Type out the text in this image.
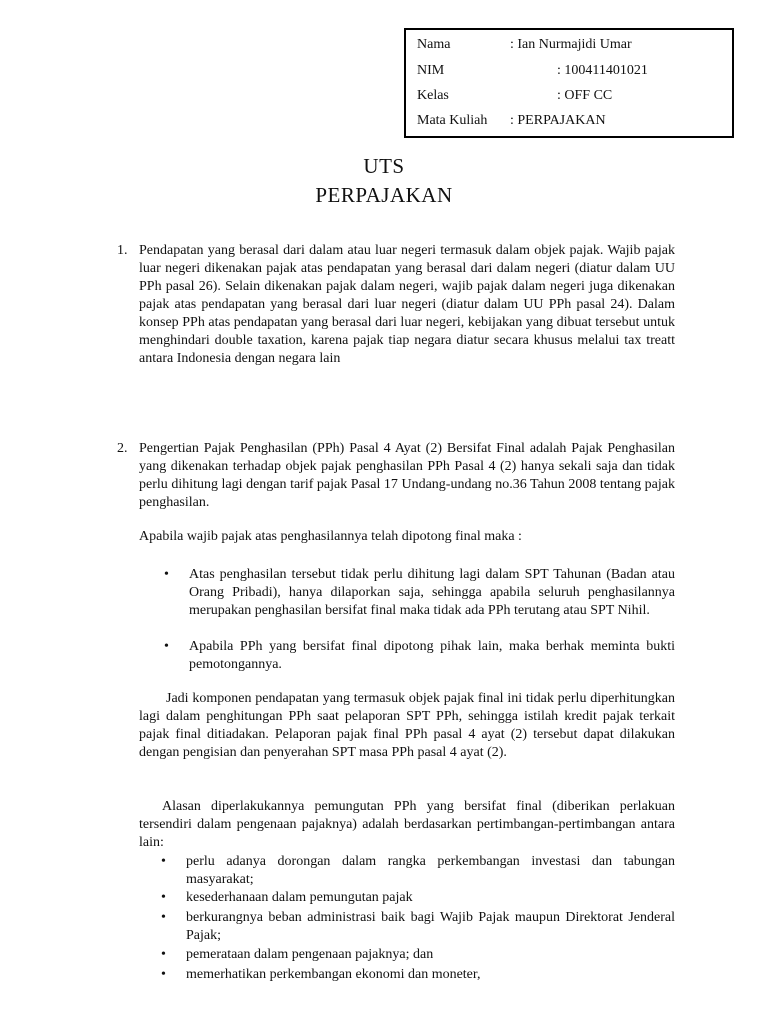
Nama	: Ian Nurmajidi Umar
NIM	: 100411401021
Kelas	: OFF CC
Mata Kuliah : PERPAJAKAN
UTS
PERPAJAKAN
1. Pendapatan yang berasal dari dalam atau luar negeri termasuk dalam objek pajak. Wajib pajak luar negeri dikenakan pajak atas pendapatan yang berasal dari dalam negeri (diatur dalam UU PPh pasal 26). Selain dikenakan pajak dalam negeri, wajib pajak dalam negeri juga dikenakan pajak atas pendapatan yang berasal dari luar negeri (diatur dalam UU PPh pasal 24). Dalam konsep PPh atas pendapatan yang berasal dari luar negeri, kebijakan yang dibuat tersebut untuk menghindari double taxation, karena pajak tiap negara diatur secara khusus melalui tax treatt antara Indonesia dengan negara lain

2. Pengertian Pajak Penghasilan (PPh) Pasal 4 Ayat (2) Bersifat Final adalah Pajak Penghasilan yang dikenakan terhadap objek pajak penghasilan PPh Pasal 4 (2) hanya sekali saja dan tidak perlu dihitung lagi dengan tarif pajak Pasal 17 Undang-undang no.36 Tahun 2008 tentang pajak penghasilan.

Apabila wajib pajak atas penghasilannya telah dipotong final maka :

• Atas penghasilan tersebut tidak perlu dihitung lagi dalam SPT Tahunan (Badan atau Orang Pribadi), hanya dilaporkan saja, sehingga apabila seluruh penghasilannya merupakan penghasilan bersifat final maka tidak ada PPh terutang atau SPT Nihil.

• Apabila PPh yang bersifat final dipotong pihak lain, maka berhak meminta bukti pemotongannya.

Jadi komponen pendapatan yang termasuk objek pajak final ini tidak perlu diperhitungkan lagi dalam penghitungan PPh saat pelaporan SPT PPh, sehingga istilah kredit pajak terkait pajak final ditiadakan. Pelaporan pajak final PPh pasal 4 ayat (2) tersebut dapat dilakukan dengan pengisian dan penyerahan SPT masa PPh pasal 4 ayat (2).

Alasan diperlakukannya pemungutan PPh yang bersifat final (diberikan perlakuan tersendiri dalam pengenaan pajaknya) adalah berdasarkan pertimbangan-pertimbangan antara lain:

• perlu adanya dorongan dalam rangka perkembangan investasi dan tabungan masyarakat;

• kesederhanaan dalam pemungutan pajak

• berkurangnya beban administrasi baik bagi Wajib Pajak maupun Direktorat Jenderal Pajak;

• pemerataan dalam pengenaan pajaknya; dan

• memerhatikan perkembangan ekonomi dan moneter,
